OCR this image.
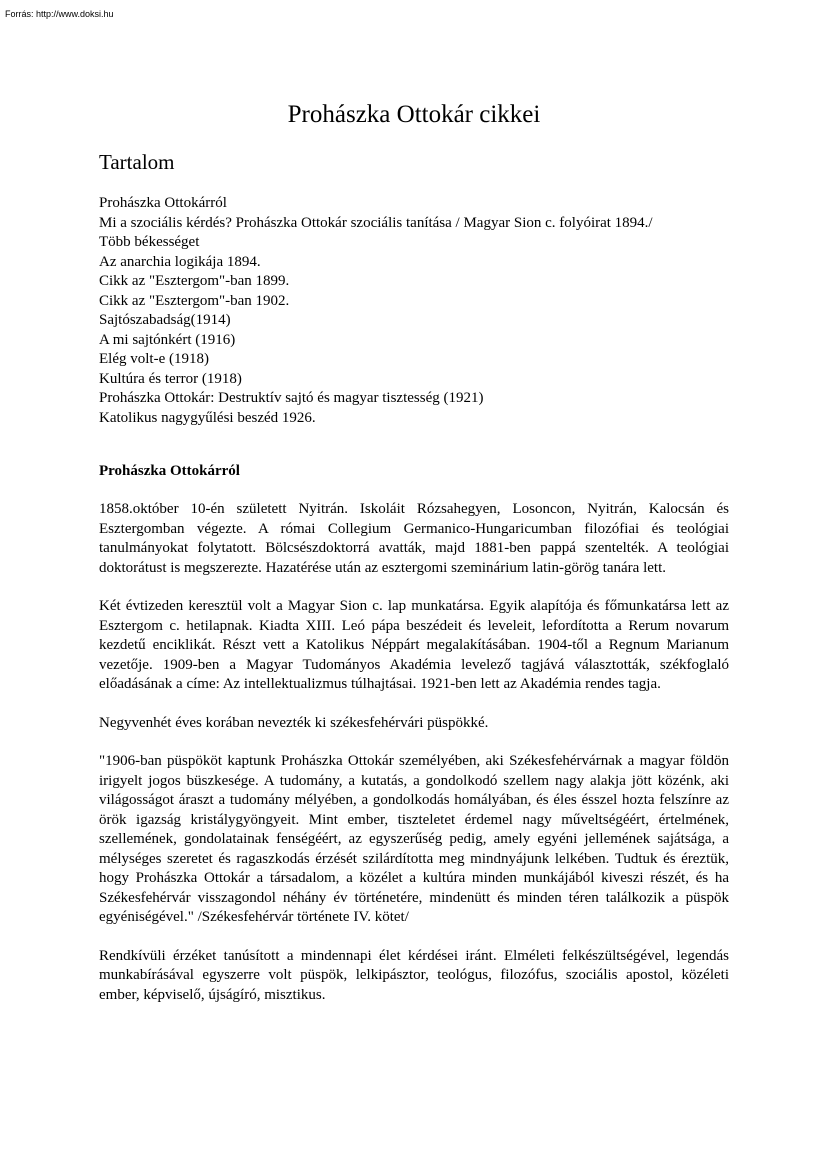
Forrás: http://www.doksi.hu
Prohászka Ottokár cikkei
Tartalom
Prohászka Ottokárról
Mi a szociális kérdés? Prohászka Ottokár szociális tanítása / Magyar Sion c. folyóirat 1894./
Több békességet
Az anarchia logikája 1894.
Cikk az "Esztergom"-ban 1899.
Cikk az "Esztergom"-ban 1902.
Sajtószabadság(1914)
A mi sajtónkért (1916)
Elég volt-e (1918)
Kultúra és terror (1918)
Prohászka Ottokár: Destruktív sajtó és magyar tisztesség (1921)
Katolikus nagygyűlési beszéd 1926.
Prohászka Ottokárról

1858.október 10-én született Nyitrán. Iskoláit Rózsahegyen, Losoncon, Nyitrán, Kalocsán és Esztergomban végezte. A római Collegium Germanico-Hungaricumban filozófiai és teológiai tanulmányokat folytatott. Bölcsészdoktorrá avatták, majd 1881-ben pappá szentelték. A teológiai doktorátust is megszerezte. Hazatérése után az esztergomi szeminárium latin-görög tanára lett.

Két évtizeden keresztül volt a Magyar Sion c. lap munkatársa. Egyik alapítója és főmunkatársa lett az Esztergom c. hetilapnak. Kiadta XIII. Leó pápa beszédeit és leveleit, lefordította a Rerum novarum kezdetű enciklikát. Részt vett a Katolikus Néppárt megalakításában. 1904-től a Regnum Marianum vezetője. 1909-ben a Magyar Tudományos Akadémia levelező tagjává választották, székfoglaló előadásának a címe: Az intellektualizmus túlhajtásai. 1921-ben lett az Akadémia rendes tagja.

Negyvenhét éves korában nevezték ki székesfehérvári püspökké.

"1906-ban püspököt kaptunk Prohászka Ottokár személyében, aki Székesfehérvárnak a magyar földön irigyelt jogos büszkesége. A tudomány, a kutatás, a gondolkodó szellem nagy alakja jött közénk, aki világosságot áraszt a tudomány mélyében, a gondolkodás homályában, és éles ésszel hozta felszínre az örök igazság kristálygyöngyeit. Mint ember, tiszteletet érdemel nagy műveltségéért, értelmének, szellemének, gondolatainak fenségéért, az egyszerűség pedig, amely egyéni jellemének sajátsága, a mélységes szeretet és ragaszkodás érzését szilárdította meg mindnyájunk lelkében. Tudtuk és éreztük, hogy Prohászka Ottokár a társadalom, a közélet a kultúra minden munkájából kiveszi részét, és ha Székesfehérvár visszagondol néhány év történetére, mindenütt és minden téren találkozik a püspök egyéniségével." /Székesfehérvár története IV. kötet/

Rendkívüli érzéket tanúsított a mindennapi élet kérdései iránt. Elméleti felkészültségével, legendás munkabírásával egyszerre volt püspök, lelkipásztor, teológus, filozófus, szociális apostol, közéleti ember, képviselő, újságíró, misztikus.
